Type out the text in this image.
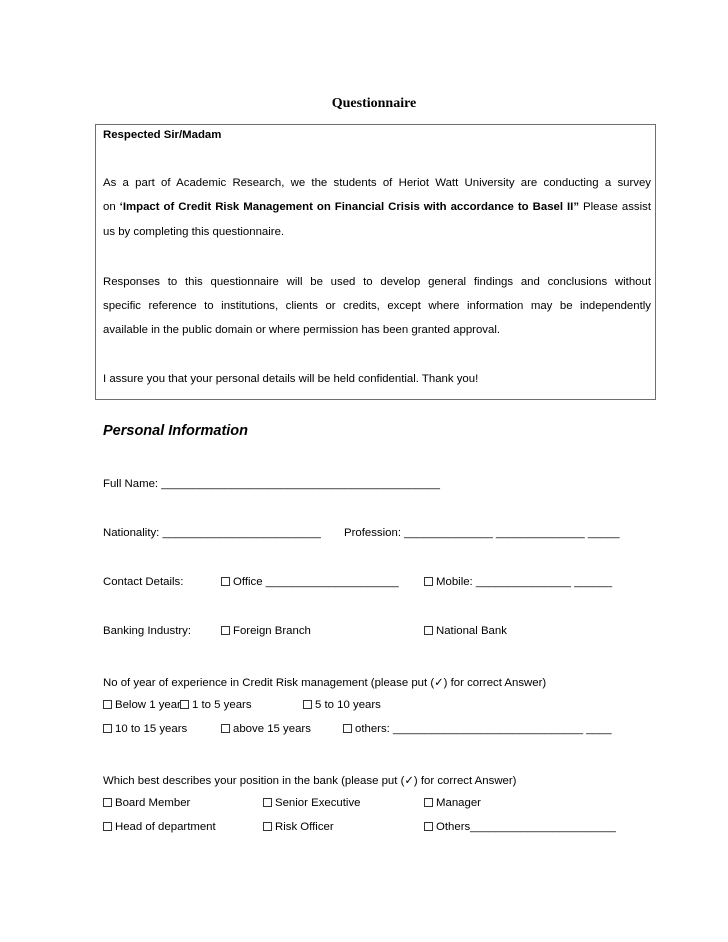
Questionnaire
Respected Sir/Madam
As a part of Academic Research, we the students of Heriot Watt University are conducting a survey
on ‘Impact of Credit Risk Management on Financial Crisis with accordance to Basel II” Please assist
us by completing this questionnaire.
Responses to this questionnaire will be used to develop general findings and conclusions without
specific reference to institutions, clients or credits, except where information may be independently
available in the public domain or where permission has been granted approval.
I assure you that your personal details will be held confidential. Thank you!
Personal Information
Full Name: ____________________________________________
Nationality: _________________________ Profession: ______________ ______________ _____
Contact Details:	Office _____________________	Mobile: _______________ ______
Banking Industry:	Foreign Branch	National Bank
No of year of experience in Credit Risk management (please put (✓) for correct Answer)
Below 1 year 1 to 5 years	5 to 10 years
10 to 15 years	above 15 years	others: ______________________________ ____
Which best describes your position in the bank (please put (✓) for correct Answer)
Board Member	Senior Executive	Manager
Head of department	Risk Officer	Others_______________________
